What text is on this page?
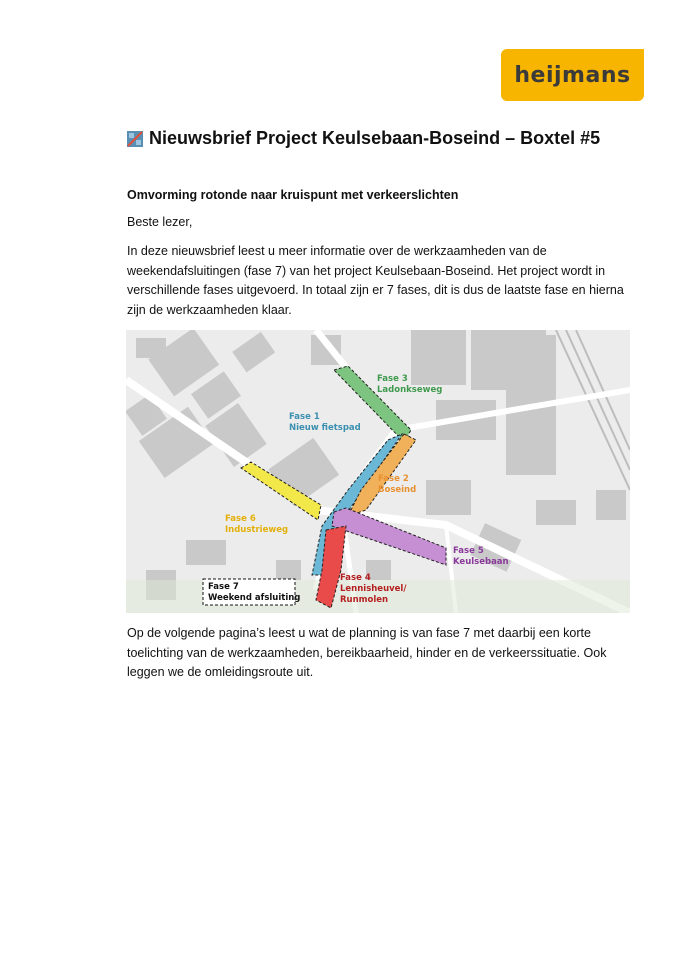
heijmans
Nieuwsbrief Project Keulsebaan-Boseind – Boxtel #5
Omvorming rotonde naar kruispunt met verkeerslichten
Beste lezer,
In deze nieuwsbrief leest u meer informatie over de werkzaamheden van de weekendafsluitingen (fase 7) van het project Keulsebaan-Boseind. Het project wordt in verschillende fases uitgevoerd. In totaal zijn er 7 fases, dit is dus de laatste fase en hierna zijn de werkzaamheden klaar.
Fase 3
Ladonkseweg
Fase 1
Nieuw fietspad
Fase 2
Boseind
Fase 6
Industrieweg
Fase 5
Keulsebaan
Fase 4
Lennisheuvel/
Runmolen
Fase 7
Weekend afsluiting
Op de volgende pagina’s leest u wat de planning is van fase 7 met daarbij een korte toelichting van de werkzaamheden, bereikbaarheid, hinder en de verkeerssituatie. Ook leggen we de omleidingsroute uit.
